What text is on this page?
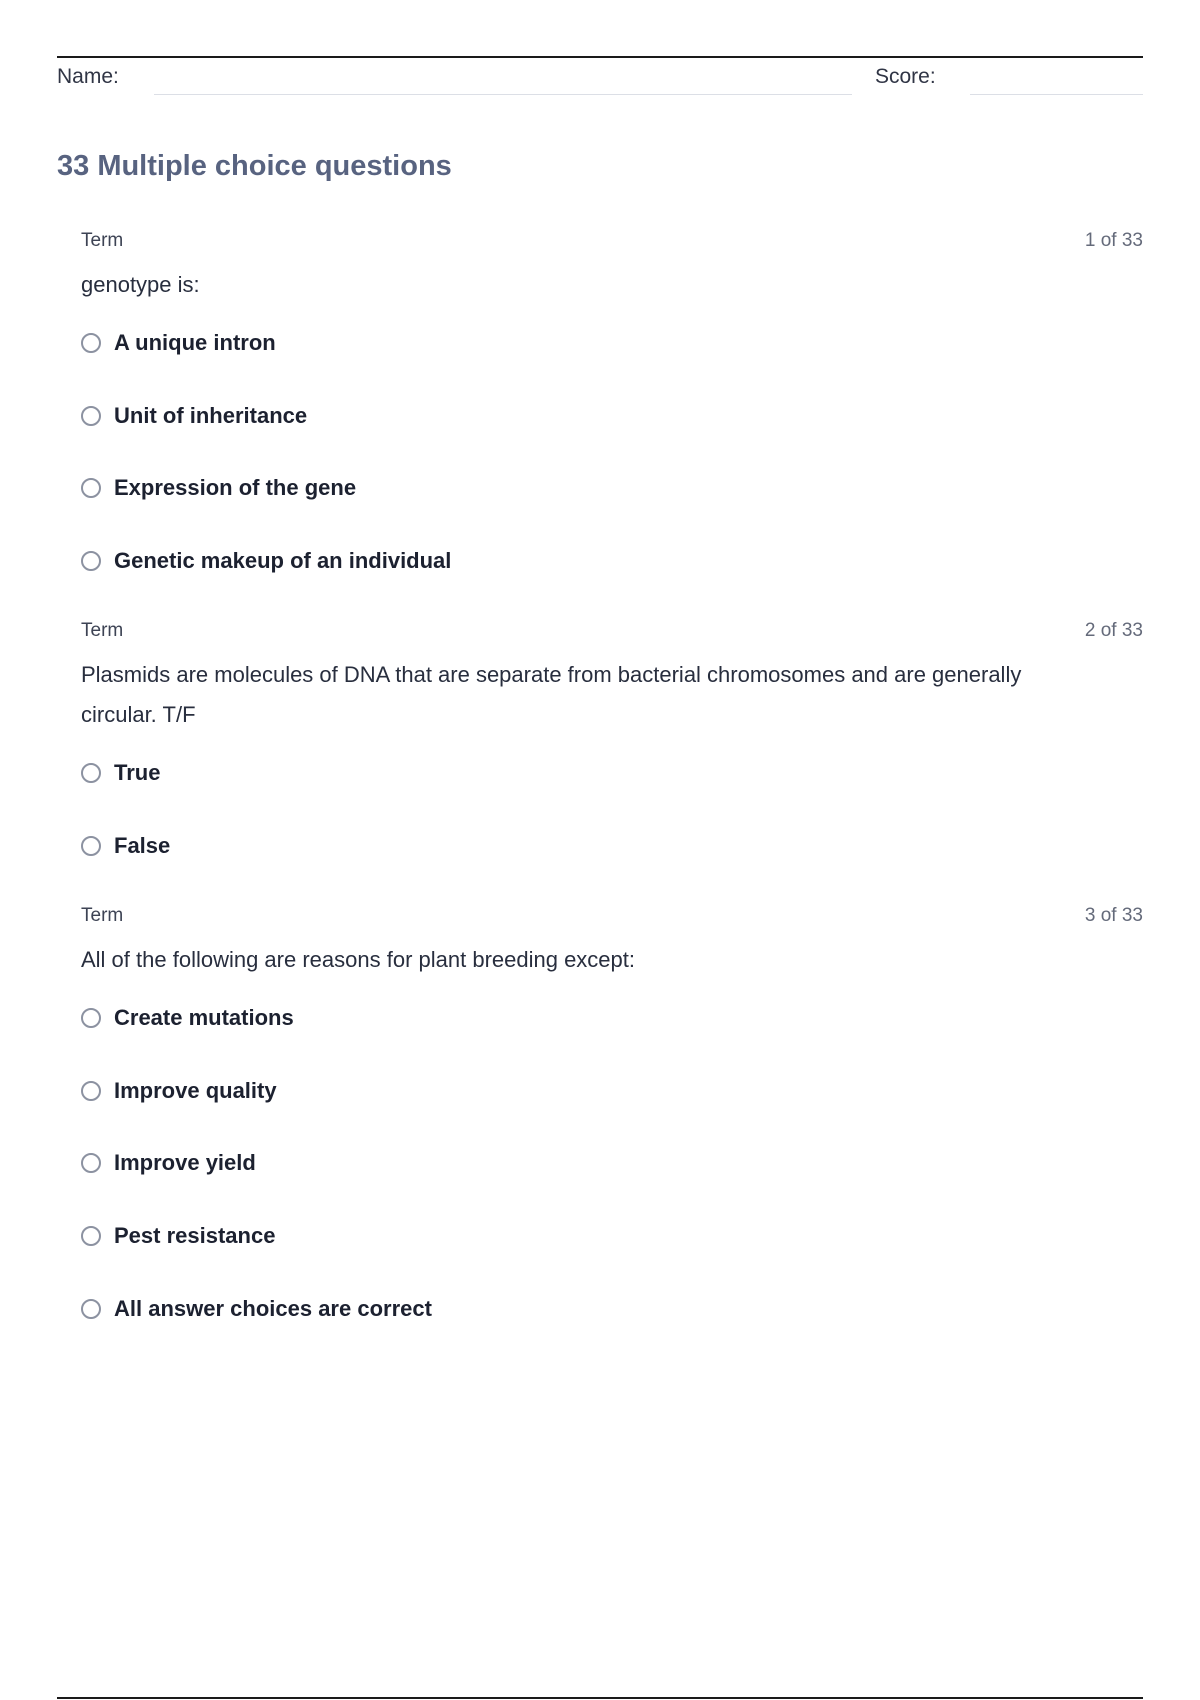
Name:	Score:
33 Multiple choice questions
Term	1 of 33
genotype is:
A unique intron
Unit of inheritance
Expression of the gene
Genetic makeup of an individual
Term	2 of 33
Plasmids are molecules of DNA that are separate from bacterial chromosomes and are generally circular. T/F
True
False
Term	3 of 33
All of the following are reasons for plant breeding except:
Create mutations
Improve quality
Improve yield
Pest resistance
All answer choices are correct
